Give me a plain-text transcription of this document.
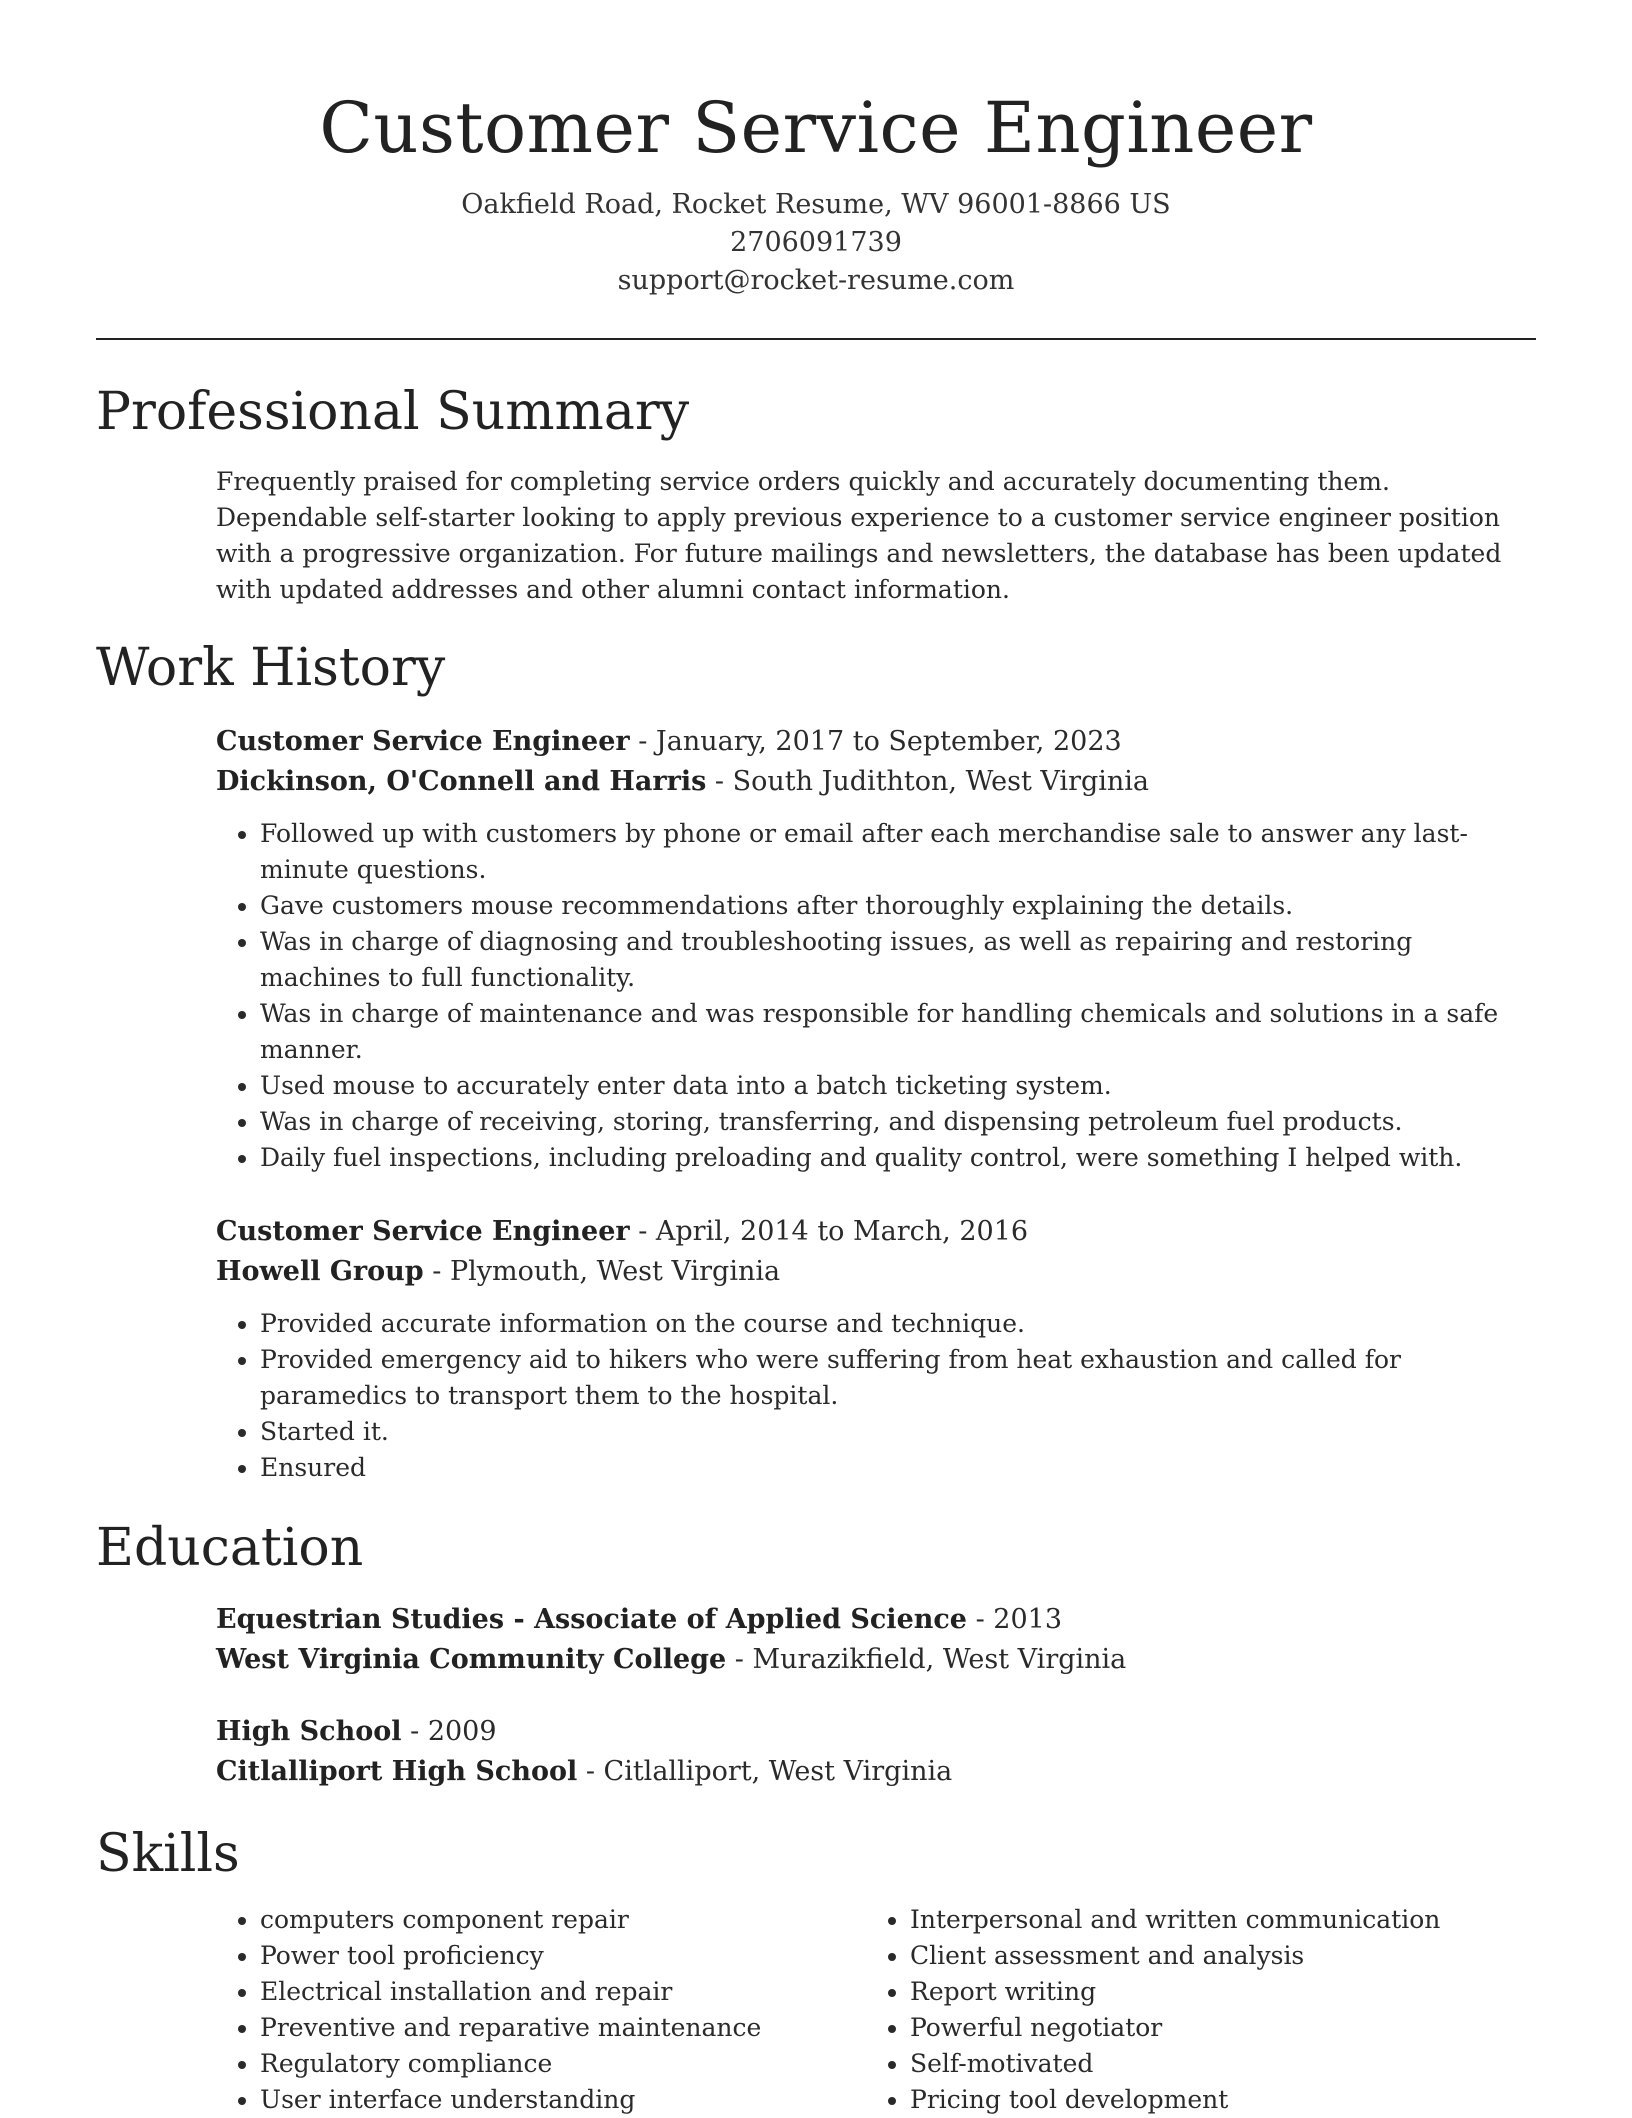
Customer Service Engineer
Oakfield Road, Rocket Resume, WV 96001-8866 US
2706091739
support@rocket-resume.com
Professional Summary
Frequently praised for completing service orders quickly and accurately documenting them. Dependable self-starter looking to apply previous experience to a customer service engineer position with a progressive organization. For future mailings and newsletters, the database has been updated with updated addresses and other alumni contact information.
Work History
Customer Service Engineer - January, 2017 to September, 2023
Dickinson, O'Connell and Harris - South Judithton, West Virginia
• Followed up with customers by phone or email after each merchandise sale to answer any last-minute questions.
• Gave customers mouse recommendations after thoroughly explaining the details.
• Was in charge of diagnosing and troubleshooting issues, as well as repairing and restoring machines to full functionality.
• Was in charge of maintenance and was responsible for handling chemicals and solutions in a safe manner.
• Used mouse to accurately enter data into a batch ticketing system.
• Was in charge of receiving, storing, transferring, and dispensing petroleum fuel products.
• Daily fuel inspections, including preloading and quality control, were something I helped with.
Customer Service Engineer - April, 2014 to March, 2016
Howell Group - Plymouth, West Virginia
• Provided accurate information on the course and technique.
• Provided emergency aid to hikers who were suffering from heat exhaustion and called for paramedics to transport them to the hospital.
• Started it.
• Ensured
Education
Equestrian Studies - Associate of Applied Science - 2013
West Virginia Community College - Murazikfield, West Virginia
High School - 2009
Citlalliport High School - Citlalliport, West Virginia
Skills
• computers component repair
• Power tool proficiency
• Electrical installation and repair
• Preventive and reparative maintenance
• Regulatory compliance
• User interface understanding
• Interpersonal and written communication
• Client assessment and analysis
• Report writing
• Powerful negotiator
• Self-motivated
• Pricing tool development
